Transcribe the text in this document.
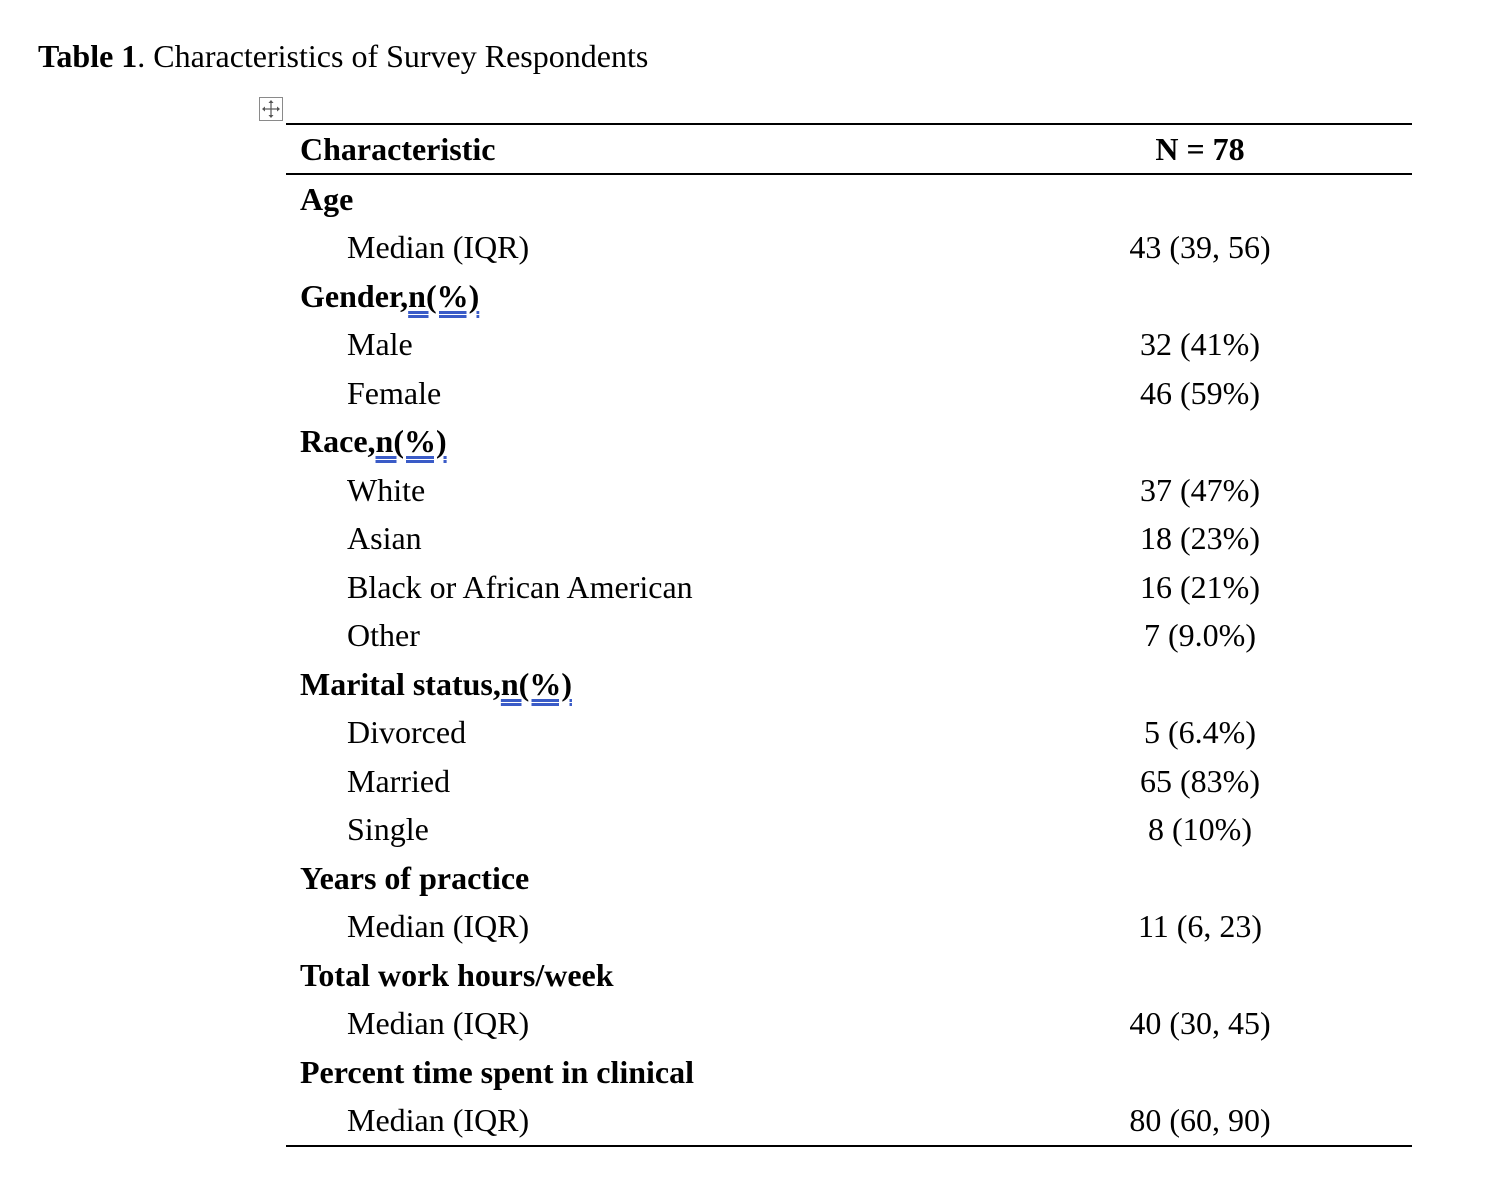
Table 1. Characteristics of Survey Respondents
Characteristic	N = 78
Age
Median (IQR)	43 (39, 56)
Gender, n(%)
Male	32 (41%)
Female	46 (59%)
Race, n(%)
White	37 (47%)
Asian	18 (23%)
Black or African American	16 (21%)
Other	7 (9.0%)
Marital status, n(%)
Divorced	5 (6.4%)
Married	65 (83%)
Single	8 (10%)
Years of practice
Median (IQR)	11 (6, 23)
Total work hours/week
Median (IQR)	40 (30, 45)
Percent time spent in clinical
Median (IQR)	80 (60, 90)
